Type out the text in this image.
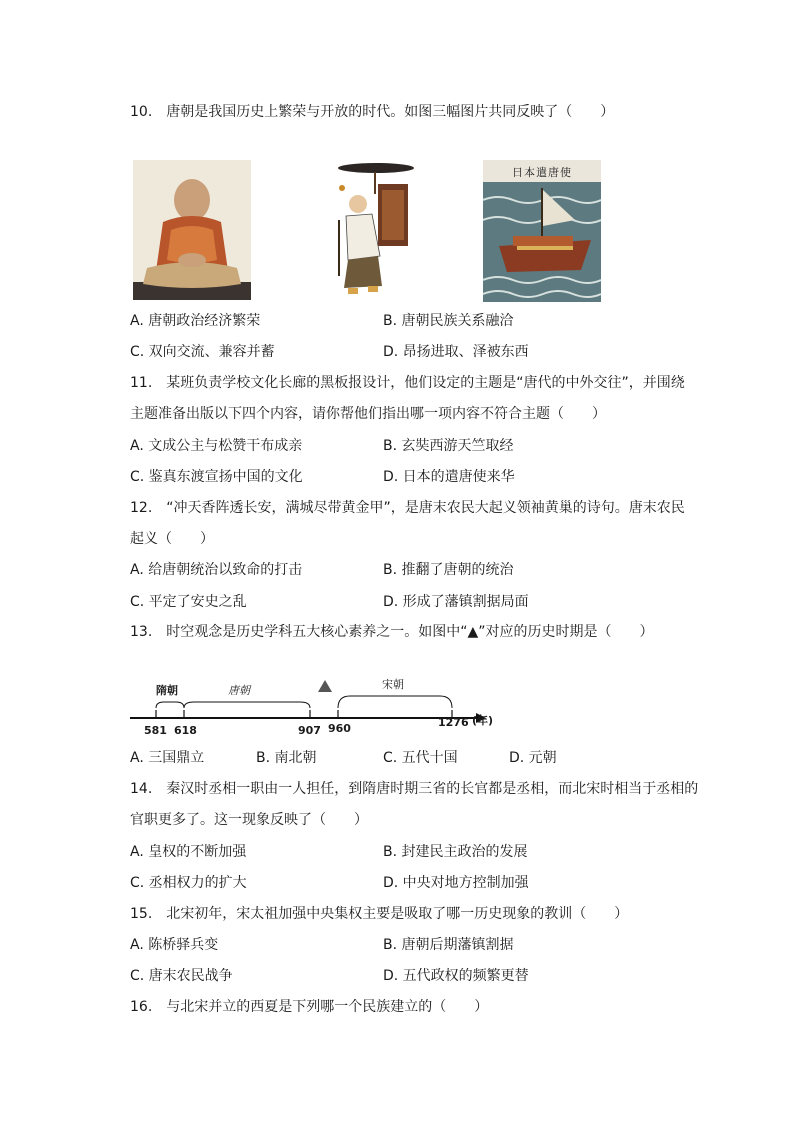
10.　唐朝是我国历史上繁荣与开放的时代。如图三幅图片共同反映了（　　）
日本遣唐使
A. 唐朝政治经济繁荣	B. 唐朝民族关系融洽
C. 双向交流、兼容并蓄	D. 昂扬进取、泽被东西
11.　某班负责学校文化长廊的黑板报设计，他们设定的主题是“唐代的中外交往”，并围绕
主题准备出版以下四个内容，请你帮他们指出哪一项内容不符合主题（　　）
A. 文成公主与松赞干布成亲	B. 玄奘西游天竺取经
C. 鉴真东渡宣扬中国的文化	D. 日本的遣唐使来华
12.　“冲天香阵透长安，满城尽带黄金甲”，是唐末农民大起义领袖黄巢的诗句。唐末农民
起义（　　）
A. 给唐朝统治以致命的打击	B. 推翻了唐朝的统治
C. 平定了安史之乱	D. 形成了藩镇割据局面
13.　时空观念是历史学科五大核心素养之一。如图中“▲”对应的历史时期是（　　）
隋朝	唐朝	宋朝
581 618	907 960	1276 (年)
A. 三国鼎立	B. 南北朝	C. 五代十国	D. 元朝
14.　秦汉时丞相一职由一人担任，到隋唐时期三省的长官都是丞相，而北宋时相当于丞相的
官职更多了。这一现象反映了（　　）
A. 皇权的不断加强	B. 封建民主政治的发展
C. 丞相权力的扩大	D. 中央对地方控制加强
15.　北宋初年，宋太祖加强中央集权主要是吸取了哪一历史现象的教训（　　）
A. 陈桥驿兵变	B. 唐朝后期藩镇割据
C. 唐末农民战争	D. 五代政权的频繁更替
16.　与北宋并立的西夏是下列哪一个民族建立的（　　）
